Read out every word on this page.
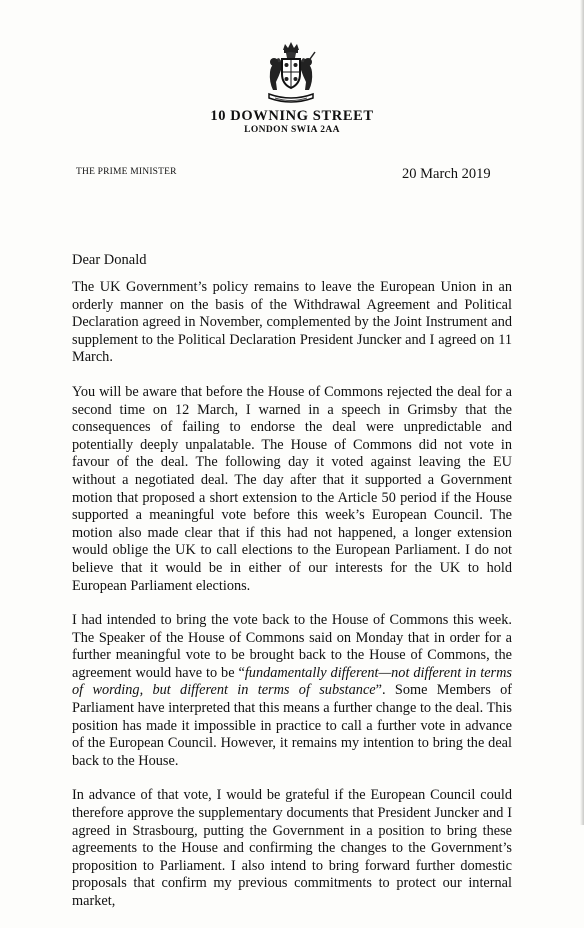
10 DOWNING STREET
LONDON SWIA 2AA
THE PRIME MINISTER	20 March 2019
Dear Donald

The UK Government’s policy remains to leave the European Union in an orderly manner on the basis of the Withdrawal Agreement and Political Declaration agreed in November, complemented by the Joint Instrument and supplement to the Political Declaration President Juncker and I agreed on 11 March.

You will be aware that before the House of Commons rejected the deal for a second time on 12 March, I warned in a speech in Grimsby that the consequences of failing to endorse the deal were unpredictable and potentially deeply unpalatable. The House of Commons did not vote in favour of the deal. The following day it voted against leaving the EU without a negotiated deal. The day after that it supported a Government motion that proposed a short extension to the Article 50 period if the House supported a meaningful vote before this week’s European Council. The motion also made clear that if this had not happened, a longer extension would oblige the UK to call elections to the European Parliament. I do not believe that it would be in either of our interests for the UK to hold European Parliament elections.

I had intended to bring the vote back to the House of Commons this week. The Speaker of the House of Commons said on Monday that in order for a further meaningful vote to be brought back to the House of Commons, the agreement would have to be “fundamentally different—not different in terms of wording, but different in terms of substance”. Some Members of Parliament have interpreted that this means a further change to the deal. This position has made it impossible in practice to call a further vote in advance of the European Council. However, it remains my intention to bring the deal back to the House.

In advance of that vote, I would be grateful if the European Council could therefore approve the supplementary documents that President Juncker and I agreed in Strasbourg, putting the Government in a position to bring these agreements to the House and confirming the changes to the Government’s proposition to Parliament. I also intend to bring forward further domestic proposals that confirm my previous commitments to protect our internal market,
